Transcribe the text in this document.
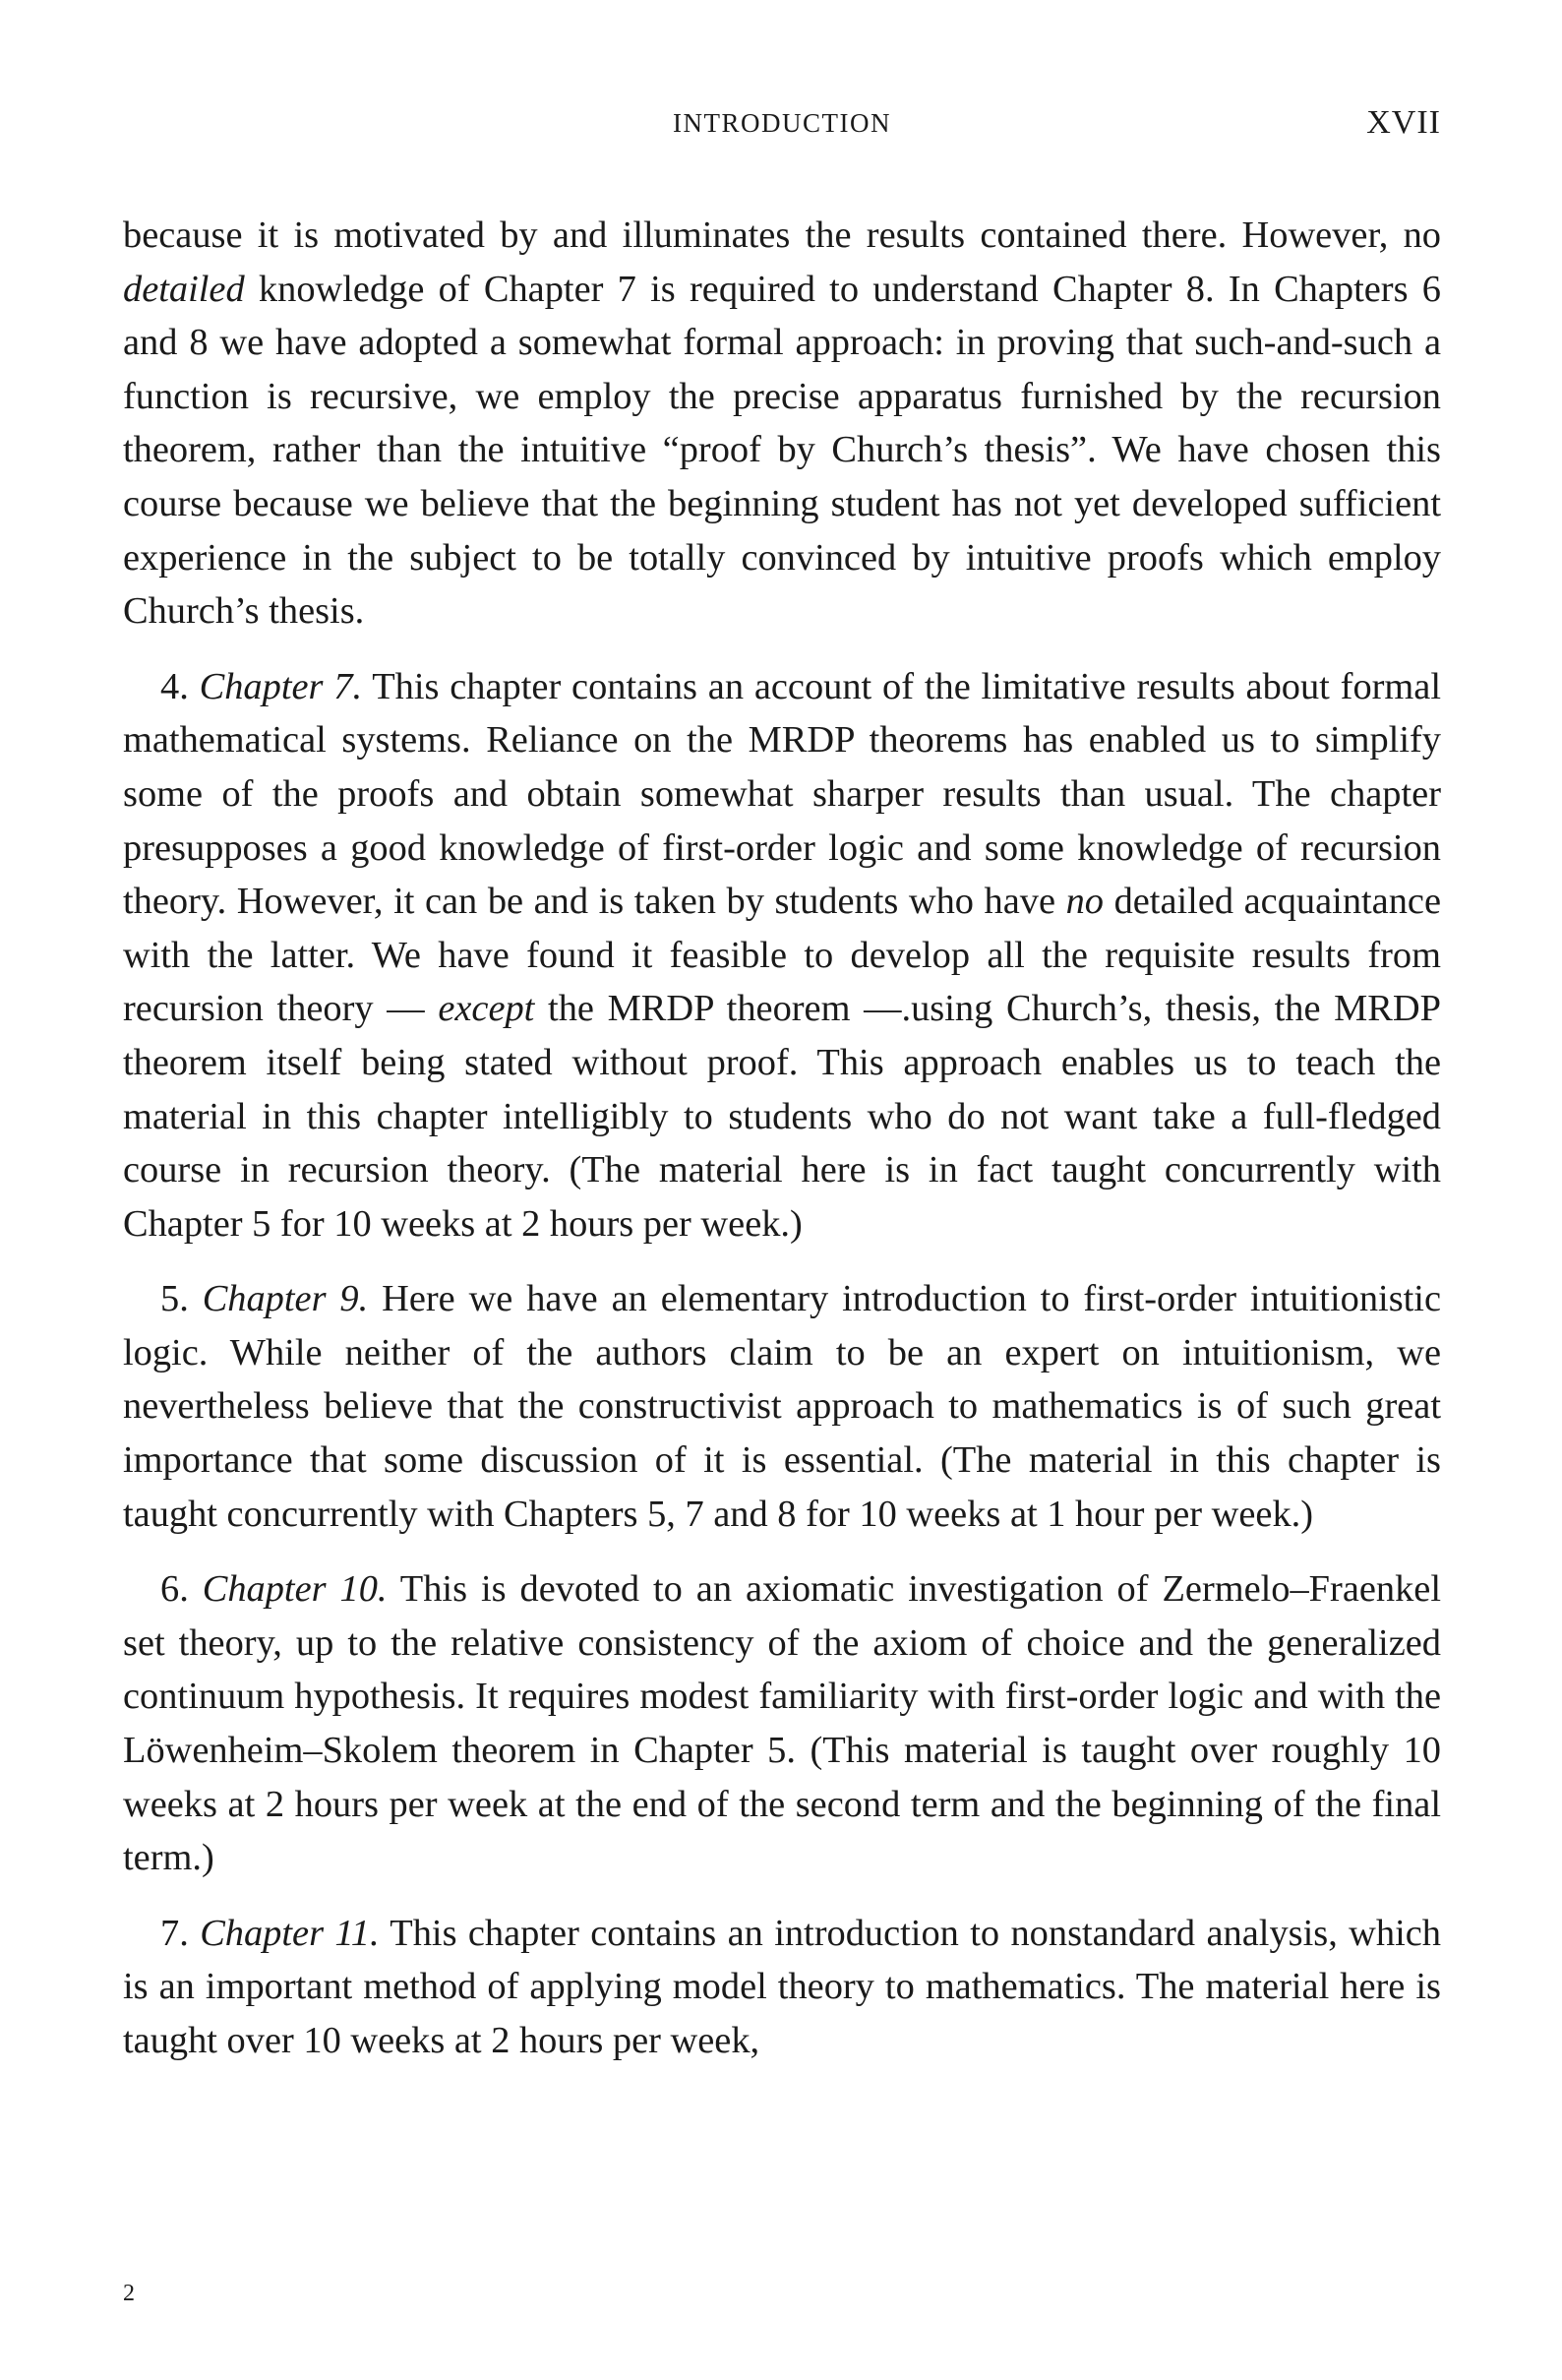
INTRODUCTION	XVII

because it is motivated by and illuminates the results contained there. However, no detailed knowledge of Chapter 7 is required to understand Chapter 8. In Chapters 6 and 8 we have adopted a somewhat formal approach: in proving that such-and-such a function is recursive, we employ the precise apparatus furnished by the recursion theorem, rather than the intuitive “proof by Church’s thesis”. We have chosen this course because we believe that the beginning student has not yet developed sufficient experience in the subject to be totally convinced by intuitive proofs which employ Church’s thesis.

4. Chapter 7. This chapter contains an account of the limitative results about formal mathematical systems. Reliance on the MRDP theorems has enabled us to simplify some of the proofs and obtain somewhat sharper results than usual. The chapter presupposes a good knowledge of first-order logic and some knowledge of recursion theory. However, it can be and is taken by students who have no detailed acquaintance with the latter. We have found it feasible to develop all the requisite results from recursion theory — except the MRDP theorem —.using Church’s, thesis, the MRDP theorem itself being stated without proof. This approach enables us to teach the material in this chapter intelligibly to students who do not want take a full-fledged course in recursion theory. (The material here is in fact taught concurrently with Chapter 5 for 10 weeks at 2 hours per week.)

5. Chapter 9. Here we have an elementary introduction to first-order intuitionistic logic. While neither of the authors claim to be an expert on intuitionism, we nevertheless believe that the constructivist approach to mathematics is of such great importance that some discussion of it is essential. (The material in this chapter is taught concurrently with Chapters 5, 7 and 8 for 10 weeks at 1 hour per week.)

6. Chapter 10. This is devoted to an axiomatic investigation of Zermelo–Fraenkel set theory, up to the relative consistency of the axiom of choice and the generalized continuum hypothesis. It requires modest familiarity with first-order logic and with the Löwenheim–Skolem theorem in Chapter 5. (This material is taught over roughly 10 weeks at 2 hours per week at the end of the second term and the beginning of the final term.)

7. Chapter 11. This chapter contains an introduction to nonstandard analysis, which is an important method of applying model theory to mathematics. The material here is taught over 10 weeks at 2 hours per week,

2
